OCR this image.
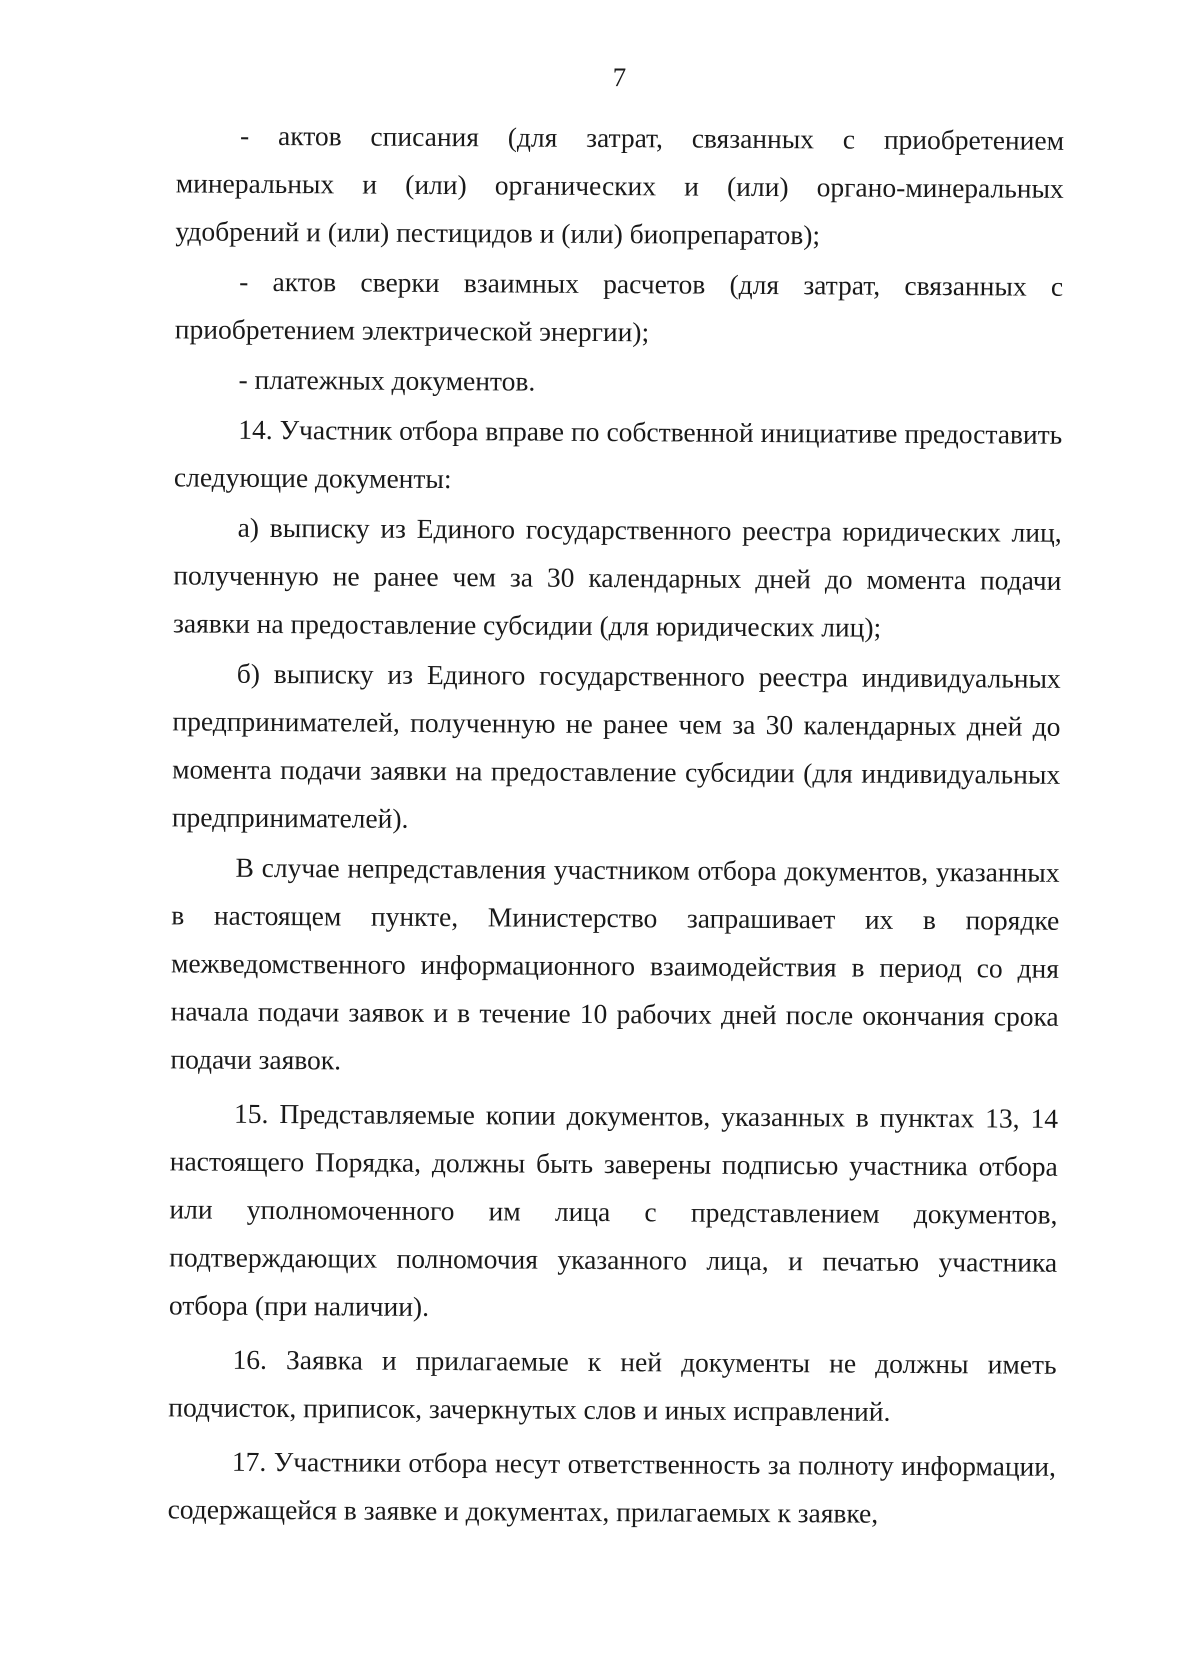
7

- актов списания (для затрат, связанных с приобретением минеральных и (или) органических и (или) органо-минеральных удобрений и (или) пестицидов и (или) биопрепаратов);

- актов сверки взаимных расчетов (для затрат, связанных с приобретением электрической энергии);

- платежных документов.

14. Участник отбора вправе по собственной инициативе предоставить следующие документы:

а) выписку из Единого государственного реестра юридических лиц, полученную не ранее чем за 30 календарных дней до момента подачи заявки на предоставление субсидии (для юридических лиц);

б) выписку из Единого государственного реестра индивидуальных предпринимателей, полученную не ранее чем за 30 календарных дней до момента подачи заявки на предоставление субсидии (для индивидуальных предпринимателей).

В случае непредставления участником отбора документов, указанных в настоящем пункте, Министерство запрашивает их в порядке межведомственного информационного взаимодействия в период со дня начала подачи заявок и в течение 10 рабочих дней после окончания срока подачи заявок.

15. Представляемые копии документов, указанных в пунктах 13, 14 настоящего Порядка, должны быть заверены подписью участника отбора или уполномоченного им лица с представлением документов, подтверждающих полномочия указанного лица, и печатью участника отбора (при наличии).

16. Заявка и прилагаемые к ней документы не должны иметь подчисток, приписок, зачеркнутых слов и иных исправлений.

17. Участники отбора несут ответственность за полноту информации, содержащейся в заявке и документах, прилагаемых к заявке,
